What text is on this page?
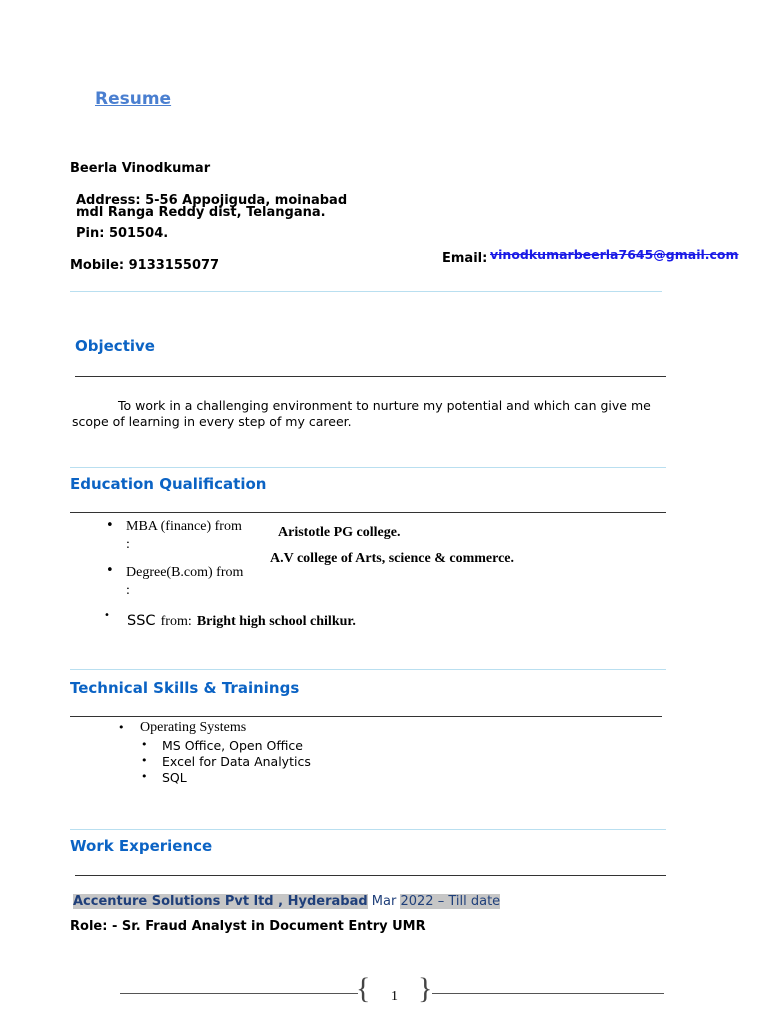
Resume
Beerla Vinodkumar
Address: 5-56 Appojiguda, moinabad
mdl Ranga Reddy dist, Telangana.
Pin: 501504.
Mobile: 9133155077	Email: vinodkumarbeerla7645@gmail.com
Objective
To work in a challenging environment to nurture my potential and which can give me
scope of learning in every step of my career.
Education Qualification
• MBA (finance) from
:
Aristotle PG college.
• Degree(B.com) from
:
A.V college of Arts, science & commerce.
• SSC from: Bright high school chilkur.
Technical Skills & Trainings
• Operating Systems
• MS Office, Open Office
• Excel for Data Analytics
• SQL
Work Experience
Accenture Solutions Pvt ltd , Hyderabad Mar 2022 – Till date
Role: - Sr. Fraud Analyst in Document Entry UMR
{ 1 }
